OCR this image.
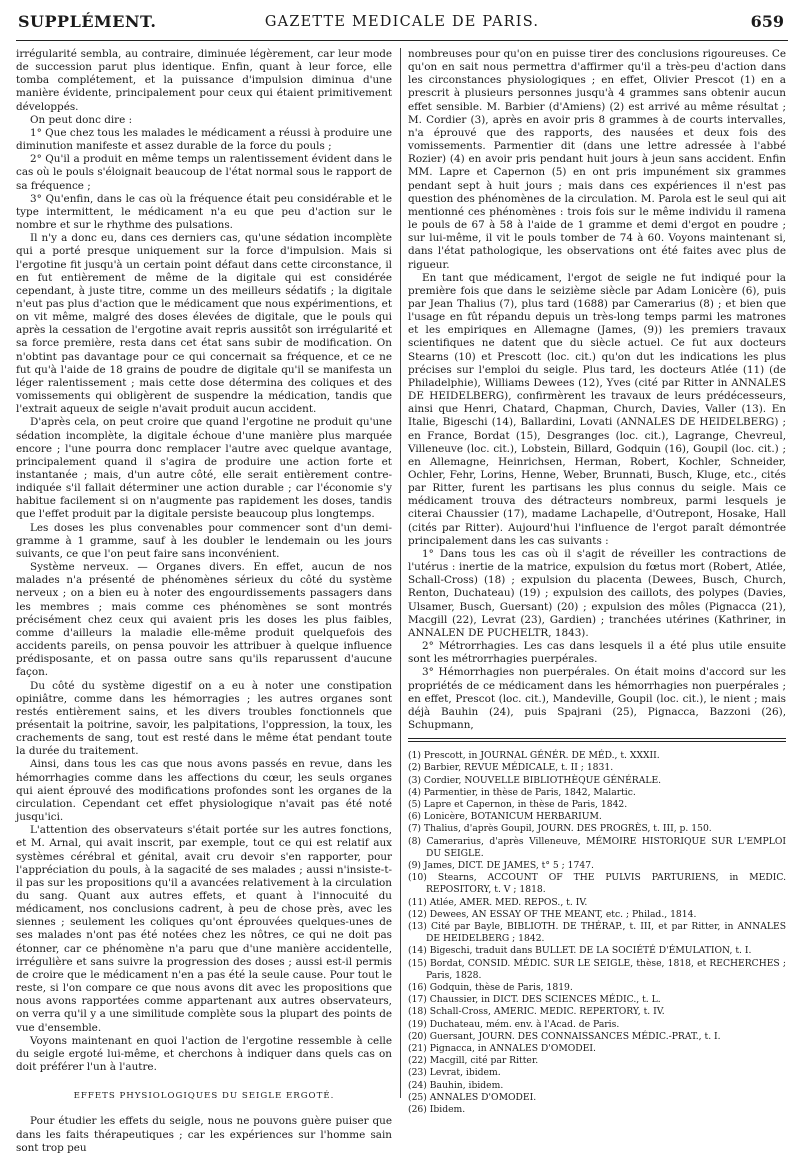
SUPPLÉMENT.	GAZETTE MEDICALE DE PARIS.	659

irrégularité sembla, au contraire, diminuée légèrement, car leur mode de succession parut plus identique. Enfin, quant à leur force, elle tomba complétement, et la puissance d'impulsion diminua d'une manière évidente, principalement pour ceux qui étaient primitivement développés.

On peut donc dire :

1° Que chez tous les malades le médicament a réussi à produire une diminution manifeste et assez durable de la force du pouls ;

2° Qu'il a produit en même temps un ralentissement évident dans le cas où le pouls s'éloignait beaucoup de l'état normal sous le rapport de sa fréquence ;

3° Qu'enfin, dans le cas où la fréquence était peu considérable et le type intermittent, le médicament n'a eu que peu d'action sur le nombre et sur le rhythme des pulsations.

Il n'y a donc eu, dans ces derniers cas, qu'une sédation incomplète qui a porté presque uniquement sur la force d'impulsion. Mais si l'ergotine fit jusqu'à un certain point défaut dans cette circonstance, il en fut entièrement de même de la digitale qui est considérée cependant, à juste titre, comme un des meilleurs sédatifs ; la digitale n'eut pas plus d'action que le médicament que nous expérimentions, et on vit même, malgré des doses élevées de digitale, que le pouls qui après la cessation de l'ergotine avait repris aussitôt son irrégularité et sa force première, resta dans cet état sans subir de modification. On n'obtint pas davantage pour ce qui concernait sa fréquence, et ce ne fut qu'à l'aide de 18 grains de poudre de digitale qu'il se manifesta un léger ralentissement ; mais cette dose détermina des coliques et des vomissements qui obligèrent de suspendre la médication, tandis que l'extrait aqueux de seigle n'avait produit aucun accident.

D'après cela, on peut croire que quand l'ergotine ne produit qu'une sédation incomplète, la digitale échoue d'une manière plus marquée encore ; l'une pourra donc remplacer l'autre avec quelque avantage, principalement quand il s'agira de produire une action forte et instantanée ; mais, d'un autre côté, elle serait entièrement contre-indiquée s'il fallait déterminer une action durable ; car l'économie s'y habitue facilement si on n'augmente pas rapidement les doses, tandis que l'effet produit par la digitale persiste beaucoup plus longtemps.

Les doses les plus convenables pour commencer sont d'un demi-gramme à 1 gramme, sauf à les doubler le lendemain ou les jours suivants, ce que l'on peut faire sans inconvénient.

Système nerveux. — Organes divers. En effet, aucun de nos malades n'a présenté de phénomènes sérieux du côté du système nerveux ; on a bien eu à noter des engourdissements passagers dans les membres ; mais comme ces phénomènes se sont montrés précisément chez ceux qui avaient pris les doses les plus faibles, comme d'ailleurs la maladie elle-même produit quelquefois des accidents pareils, on pensa pouvoir les attribuer à quelque influence prédisposante, et on passa outre sans qu'ils reparussent d'aucune façon.

Du côté du système digestif on a eu à noter une constipation opiniâtre, comme dans les hémorragies ; les autres organes sont restés entièrement sains, et les divers troubles fonctionnels que présentait la poitrine, savoir, les palpitations, l'oppression, la toux, les crachements de sang, tout est resté dans le même état pendant toute la durée du traitement.

Ainsi, dans tous les cas que nous avons passés en revue, dans les hémorrhagies comme dans les affections du cœur, les seuls organes qui aient éprouvé des modifications profondes sont les organes de la circulation. Cependant cet effet physiologique n'avait pas été noté jusqu'ici.

L'attention des observateurs s'était portée sur les autres fonctions, et M. Arnal, qui avait inscrit, par exemple, tout ce qui est relatif aux systèmes cérébral et génital, avait cru devoir s'en rapporter, pour l'appréciation du pouls, à la sagacité de ses malades ; aussi n'insiste-t-il pas sur les propositions qu'il a avancées relativement à la circulation du sang. Quant aux autres effets, et quant à l'innocuité du médicament, nos conclusions cadrent, à peu de chose près, avec les siennes ; seulement les coliques qu'ont éprouvées quelques-unes de ses malades n'ont pas été notées chez les nôtres, ce qui ne doit pas étonner, car ce phénomène n'a paru que d'une manière accidentelle, irrégulière et sans suivre la progression des doses ; aussi est-il permis de croire que le médicament n'en a pas été la seule cause. Pour tout le reste, si l'on compare ce que nous avons dit avec les propositions que nous avons rapportées comme appartenant aux autres observateurs, on verra qu'il y a une similitude complète sous la plupart des points de vue d'ensemble.

Voyons maintenant en quoi l'action de l'ergotine ressemble à celle du seigle ergoté lui-même, et cherchons à indiquer dans quels cas on doit préférer l'un à l'autre.

EFFETS PHYSIOLOGIQUES DU SEIGLE ERGOTÉ.

Pour étudier les effets du seigle, nous ne pouvons guère puiser que dans les faits thérapeutiques ; car les expériences sur l'homme sain sont trop peu

nombreuses pour qu'on en puisse tirer des conclusions rigoureuses. Ce qu'on en sait nous permettra d'affirmer qu'il a très-peu d'action dans les circonstances physiologiques ; en effet, Olivier Prescot (1) en a prescrit à plusieurs personnes jusqu'à 4 grammes sans obtenir aucun effet sensible. M. Barbier (d'Amiens) (2) est arrivé au même résultat ; M. Cordier (3), après en avoir pris 8 grammes à de courts intervalles, n'a éprouvé que des rapports, des nausées et deux fois des vomissements. Parmentier dit (dans une lettre adressée à l'abbé Rozier) (4) en avoir pris pendant huit jours à jeun sans accident. Enfin MM. Lapre et Capernon (5) en ont pris impunément six grammes pendant sept à huit jours ; mais dans ces expériences il n'est pas question des phénomènes de la circulation. M. Parola est le seul qui ait mentionné ces phénomènes : trois fois sur le même individu il ramena le pouls de 67 à 58 à l'aide de 1 gramme et demi d'ergot en poudre ; sur lui-même, il vit le pouls tomber de 74 à 60. Voyons maintenant si, dans l'état pathologique, les observations ont été faites avec plus de rigueur.

En tant que médicament, l'ergot de seigle ne fut indiqué pour la première fois que dans le seizième siècle par Adam Lonicère (6), puis par Jean Thalius (7), plus tard (1688) par Camerarius (8) ; et bien que l'usage en fût répandu depuis un très-long temps parmi les matrones et les empiriques en Allemagne (James, (9)) les premiers travaux scientifiques ne datent que du siècle actuel. Ce fut aux docteurs Stearns (10) et Prescott (loc. cit.) qu'on dut les indications les plus précises sur l'emploi du seigle. Plus tard, les docteurs Atlée (11) (de Philadelphie), Williams Dewees (12), Yves (cité par Ritter in ANNALES DE HEIDELBERG), confirmèrent les travaux de leurs prédécesseurs, ainsi que Henri, Chatard, Chapman, Church, Davies, Valler (13). En Italie, Bigeschi (14), Ballardini, Lovati (ANNALES DE HEIDELBERG) ; en France, Bordat (15), Desgranges (loc. cit.), Lagrange, Chevreul, Villeneuve (loc. cit.), Lobstein, Billard, Godquin (16), Goupil (loc. cit.) ; en Allemagne, Heinrichsen, Herman, Robert, Kochler, Schneider, Ochler, Fehr, Lorins, Henne, Weber, Brunnati, Busch, Kluge, etc., cités par Ritter, furent les partisans les plus connus du seigle. Mais ce médicament trouva des détracteurs nombreux, parmi lesquels je citerai Chaussier (17), madame Lachapelle, d'Outrepont, Hosake, Hall (cités par Ritter). Aujourd'hui l'influence de l'ergot paraît démontrée principalement dans les cas suivants :

1° Dans tous les cas où il s'agit de réveiller les contractions de l'utérus : inertie de la matrice, expulsion du fœtus mort (Robert, Atlée, Schall-Cross) (18) ; expulsion du placenta (Dewees, Busch, Church, Renton, Duchateau) (19) ; expulsion des caillots, des polypes (Davies, Ulsamer, Busch, Guersant) (20) ; expulsion des môles (Pignacca (21), Macgill (22), Levrat (23), Gardien) ; tranchées utérines (Kathriner, in ANNALEN DE PUCHELTR, 1843).

2° Métrorrhagies. Les cas dans lesquels il a été plus utile ensuite sont les métrorrhagies puerpérales.

3° Hémorrhagies non puerpérales. On était moins d'accord sur les propriétés de ce médicament dans les hémorrhagies non puerpérales ; en effet, Prescot (loc. cit.), Mandeville, Goupil (loc. cit.), le nient ; mais déjà Bauhin (24), puis Spajrani (25), Pignacca, Bazzoni (26), Schupmann,

(1) Prescott, in JOURNAL GÉNÉR. DE MÉD., t. XXXII.

(2) Barbier, REVUE MÉDICALE, t. II ; 1831.

(3) Cordier, NOUVELLE BIBLIOTHÈQUE GÉNÉRALE.

(4) Parmentier, in thèse de Paris, 1842, Malartic.

(5) Lapre et Capernon, in thèse de Paris, 1842.

(6) Lonicère, BOTANICUM HERBARIUM.

(7) Thalius, d'après Goupil, JOURN. DES PROGRÈS, t. III, p. 150.

(8) Camerarius, d'après Villeneuve, MÉMOIRE HISTORIQUE SUR L'EMPLOI DU SEIGLE.

(9) James, DICT. DE JAMES, t° 5 ; 1747.

(10) Stearns, ACCOUNT OF THE PULVIS PARTURIENS, in MEDIC. REPOSITORY, t. V ; 1818.

(11) Atlée, AMER. MED. REPOS., t. IV.

(12) Dewees, AN ESSAY OF THE MEANT, etc. ; Philad., 1814.

(13) Cité par Bayle, BIBLIOTH. DE THÉRAP., t. III, et par Ritter, in ANNALES DE HEIDELBERG ; 1842.

(14) Bigeschi, traduit dans BULLET. DE LA SOCIÉTÉ D'ÉMULATION, t. I.

(15) Bordat, CONSID. MÉDIC. SUR LE SEIGLE, thèse, 1818, et RECHERCHES ; Paris, 1828.

(16) Godquin, thèse de Paris, 1819.

(17) Chaussier, in DICT. DES SCIENCES MÉDIC., t. L.

(18) Schall-Cross, AMERIC. MEDIC. REPERTORY, t. IV.

(19) Duchateau, mém. env. à l'Acad. de Paris.

(20) Guersant, JOURN. DES CONNAISSANCES MÉDIC.-PRAT., t. I.

(21) Pignacca, in ANNALES D'OMODEI.

(22) Macgill, cité par Ritter.

(23) Levrat, ibidem.

(24) Bauhin, ibidem.

(25) ANNALES D'OMODEI.

(26) Ibidem.
